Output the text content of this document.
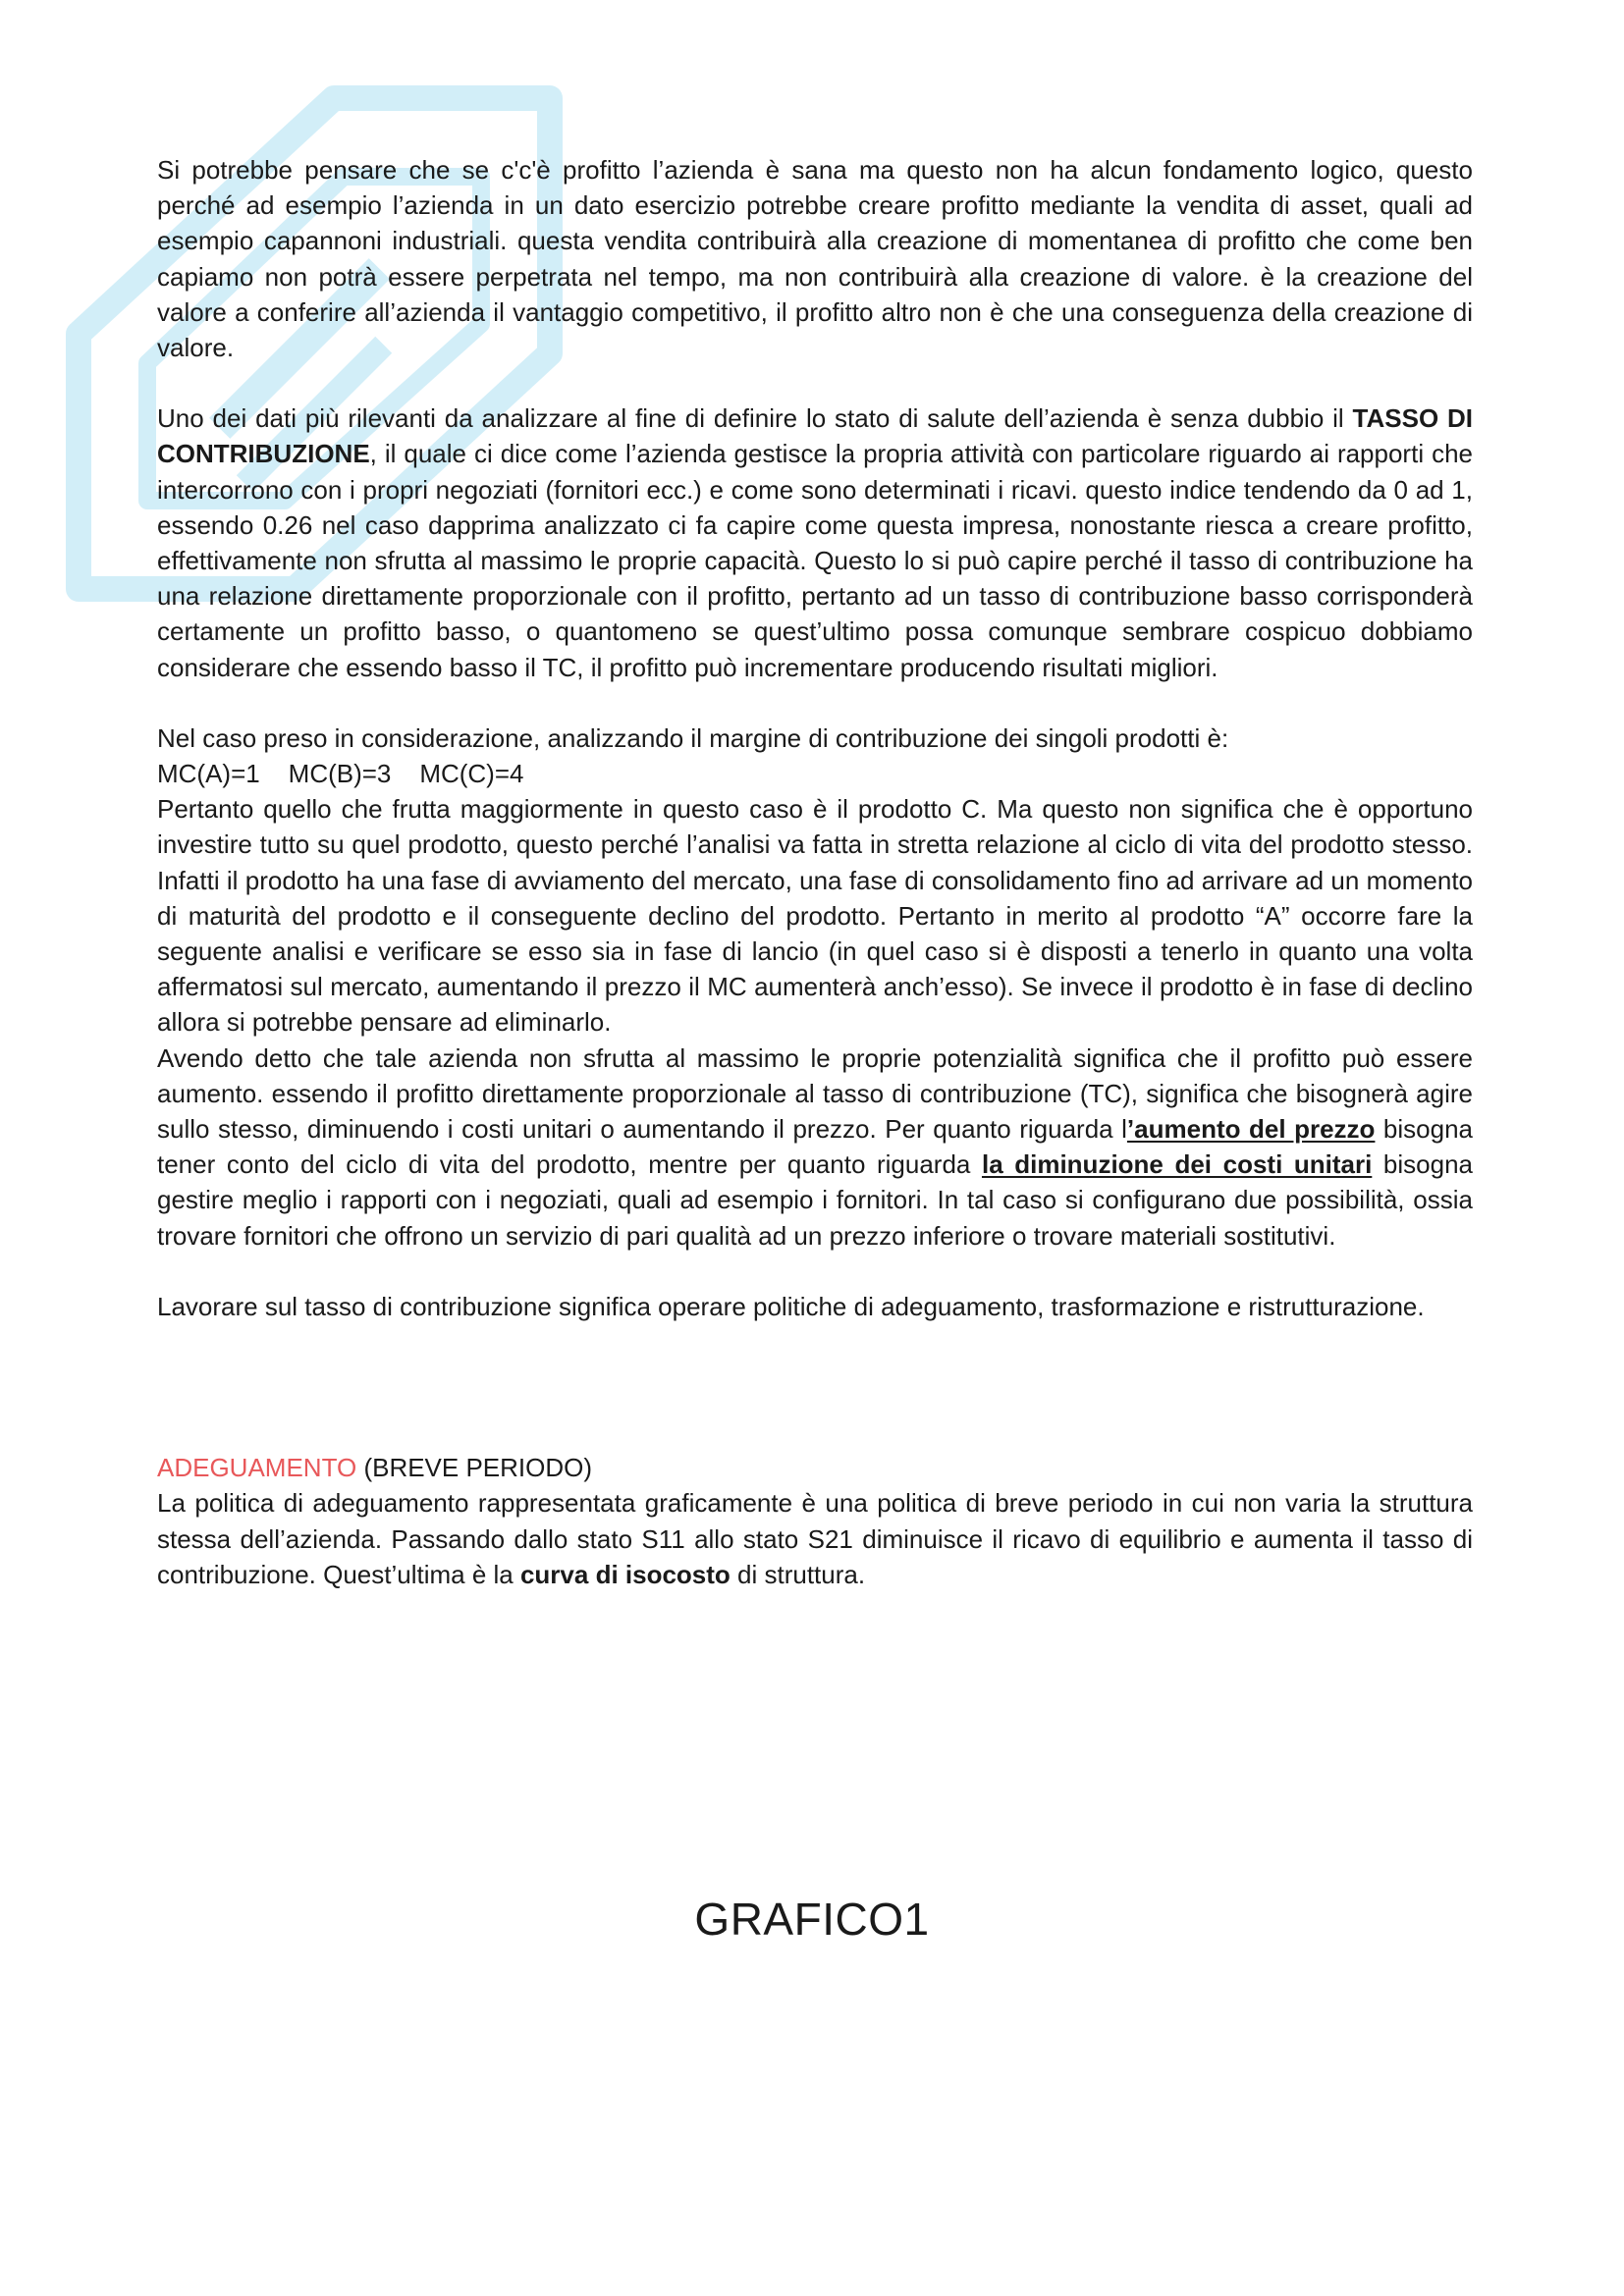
Si potrebbe pensare che se c'c'è profitto l’azienda è sana ma questo non ha alcun fondamento logico, questo perché ad esempio l’azienda in un dato esercizio potrebbe creare profitto mediante la vendita di asset, quali ad esempio capannoni industriali. questa vendita contribuirà alla creazione di momentanea di profitto che come ben capiamo non potrà essere perpetrata nel tempo, ma non contribuirà alla creazione di valore. è la creazione del valore a conferire all’azienda il vantaggio competitivo, il profitto altro non è che una conseguenza della creazione di valore.

Uno dei dati più rilevanti da analizzare al fine di definire lo stato di salute dell’azienda è senza dubbio il TASSO DI CONTRIBUZIONE, il quale ci dice come l’azienda gestisce la propria attività con particolare riguardo ai rapporti che intercorrono con i propri negoziati (fornitori ecc.) e come sono determinati i ricavi. questo indice tendendo da 0 ad 1, essendo 0.26 nel caso dapprima analizzato ci fa capire come questa impresa, nonostante riesca a creare profitto, effettivamente non sfrutta al massimo le proprie capacità. Questo lo si può capire perché il tasso di contribuzione ha una relazione direttamente proporzionale con il profitto, pertanto ad un tasso di contribuzione basso corrisponderà certamente un profitto basso, o quantomeno se quest’ultimo possa comunque sembrare cospicuo dobbiamo considerare che essendo basso il TC, il profitto può incrementare producendo risultati migliori.

Nel caso preso in considerazione, analizzando il margine di contribuzione dei singoli prodotti è:

MC(A)=1 MC(B)=3 MC(C)=4

Pertanto quello che frutta maggiormente in questo caso è il prodotto C. Ma questo non significa che è opportuno investire tutto su quel prodotto, questo perché l’analisi va fatta in stretta relazione al ciclo di vita del prodotto stesso. Infatti il prodotto ha una fase di avviamento del mercato, una fase di consolidamento fino ad arrivare ad un momento di maturità del prodotto e il conseguente declino del prodotto. Pertanto in merito al prodotto “A” occorre fare la seguente analisi e verificare se esso sia in fase di lancio (in quel caso si è disposti a tenerlo in quanto una volta affermatosi sul mercato, aumentando il prezzo il MC aumenterà anch’esso). Se invece il prodotto è in fase di declino allora si potrebbe pensare ad eliminarlo.

Avendo detto che tale azienda non sfrutta al massimo le proprie potenzialità significa che il profitto può essere aumento. essendo il profitto direttamente proporzionale al tasso di contribuzione (TC), significa che bisognerà agire sullo stesso, diminuendo i costi unitari o aumentando il prezzo. Per quanto riguarda l’aumento del prezzo bisogna tener conto del ciclo di vita del prodotto, mentre per quanto riguarda la diminuzione dei costi unitari bisogna gestire meglio i rapporti con i negoziati, quali ad esempio i fornitori. In tal caso si configurano due possibilità, ossia trovare fornitori che offrono un servizio di pari qualità ad un prezzo inferiore o trovare materiali sostitutivi.

Lavorare sul tasso di contribuzione significa operare politiche di adeguamento, trasformazione e ristrutturazione.

ADEGUAMENTO (BREVE PERIODO)

La politica di adeguamento rappresentata graficamente è una politica di breve periodo in cui non varia la struttura stessa dell’azienda. Passando dallo stato S11 allo stato S21 diminuisce il ricavo di equilibrio e aumenta il tasso di contribuzione. Quest’ultima è la curva di isocosto di struttura.

GRAFICO1
